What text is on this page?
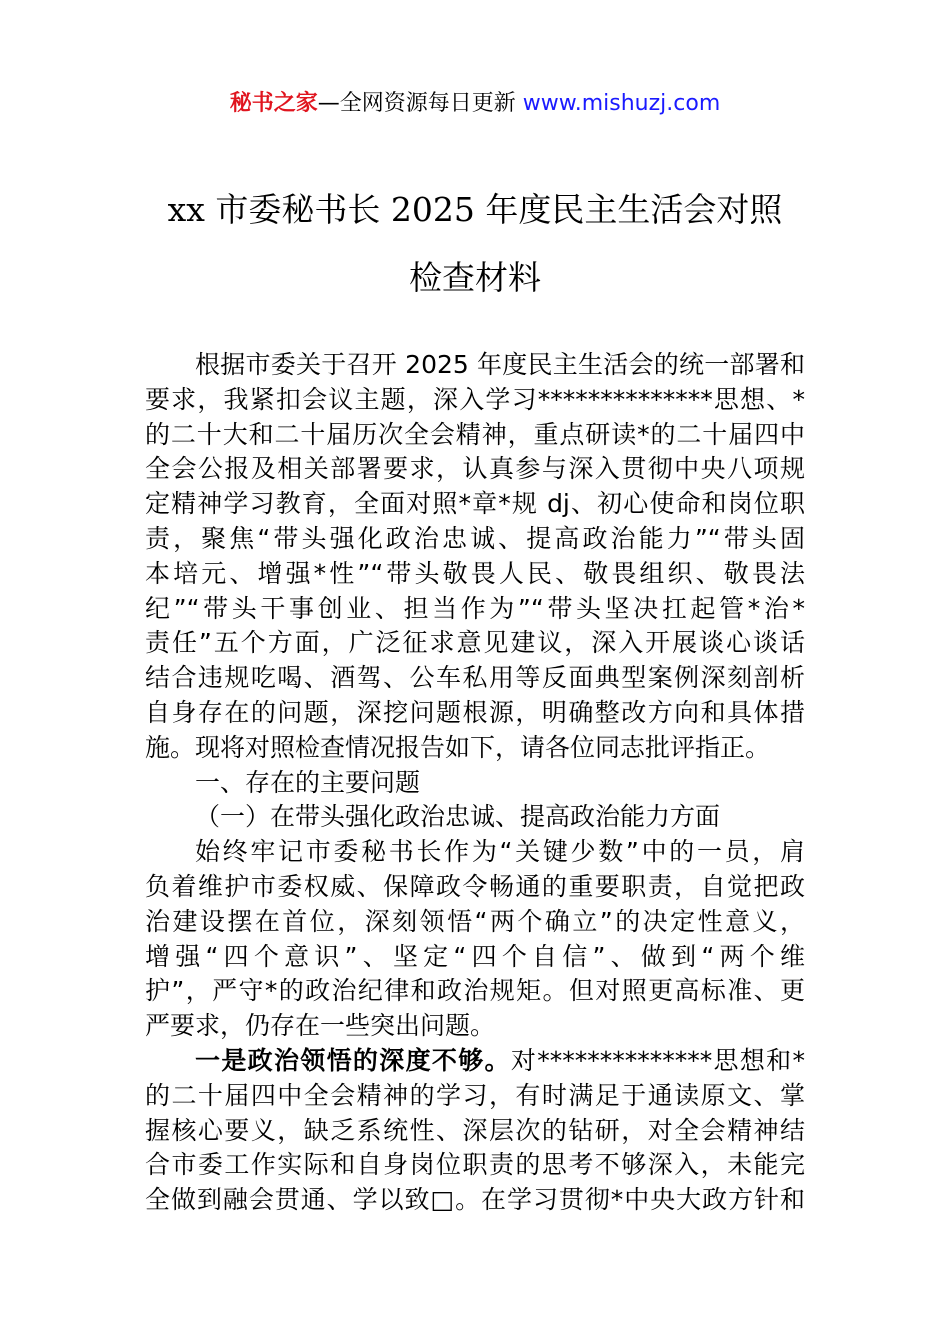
秘书之家—全网资源每日更新 www.mishuzj.com
xx 市委秘书长 2025 年度民主生活会对照
检查材料
根据市委关于召开 2025 年度民主生活会的统一部署和
要求，我紧扣会议主题，深入学习**************思想、*
的二十大和二十届历次全会精神，重点研读*的二十届四中
全会公报及相关部署要求，认真参与深入贯彻中央八项规
定精神学习教育，全面对照*章*规 dj、初心使命和岗位职
责，聚焦“带头强化政治忠诚、提高政治能力”“带头固
本培元、增强*性”“带头敬畏人民、敬畏组织、敬畏法
纪”“带头干事创业、担当作为”“带头坚决扛起管*治*
责任”五个方面，广泛征求意见建议，深入开展谈心谈话
结合违规吃喝、酒驾、公车私用等反面典型案例深刻剖析
自身存在的问题，深挖问题根源，明确整改方向和具体措
施。现将对照检查情况报告如下，请各位同志批评指正。
一、存在的主要问题
（一）在带头强化政治忠诚、提高政治能力方面
始终牢记市委秘书长作为“关键少数”中的一员，肩
负着维护市委权威、保障政令畅通的重要职责，自觉把政
治建设摆在首位，深刻领悟“两个确立”的决定性意义，
增强“四个意识”、坚定“四个自信”、做到“两个维
护”，严守*的政治纪律和政治规矩。但对照更高标准、更
严要求，仍存在一些突出问题。
一是政治领悟的深度不够。对**************思想和*
的二十届四中全会精神的学习，有时满足于通读原文、掌
握核心要义，缺乏系统性、深层次的钻研，对全会精神结
合市委工作实际和自身岗位职责的思考不够深入，未能完
全做到融会贯通、学以致□。在学习贯彻*中央大政方针和
